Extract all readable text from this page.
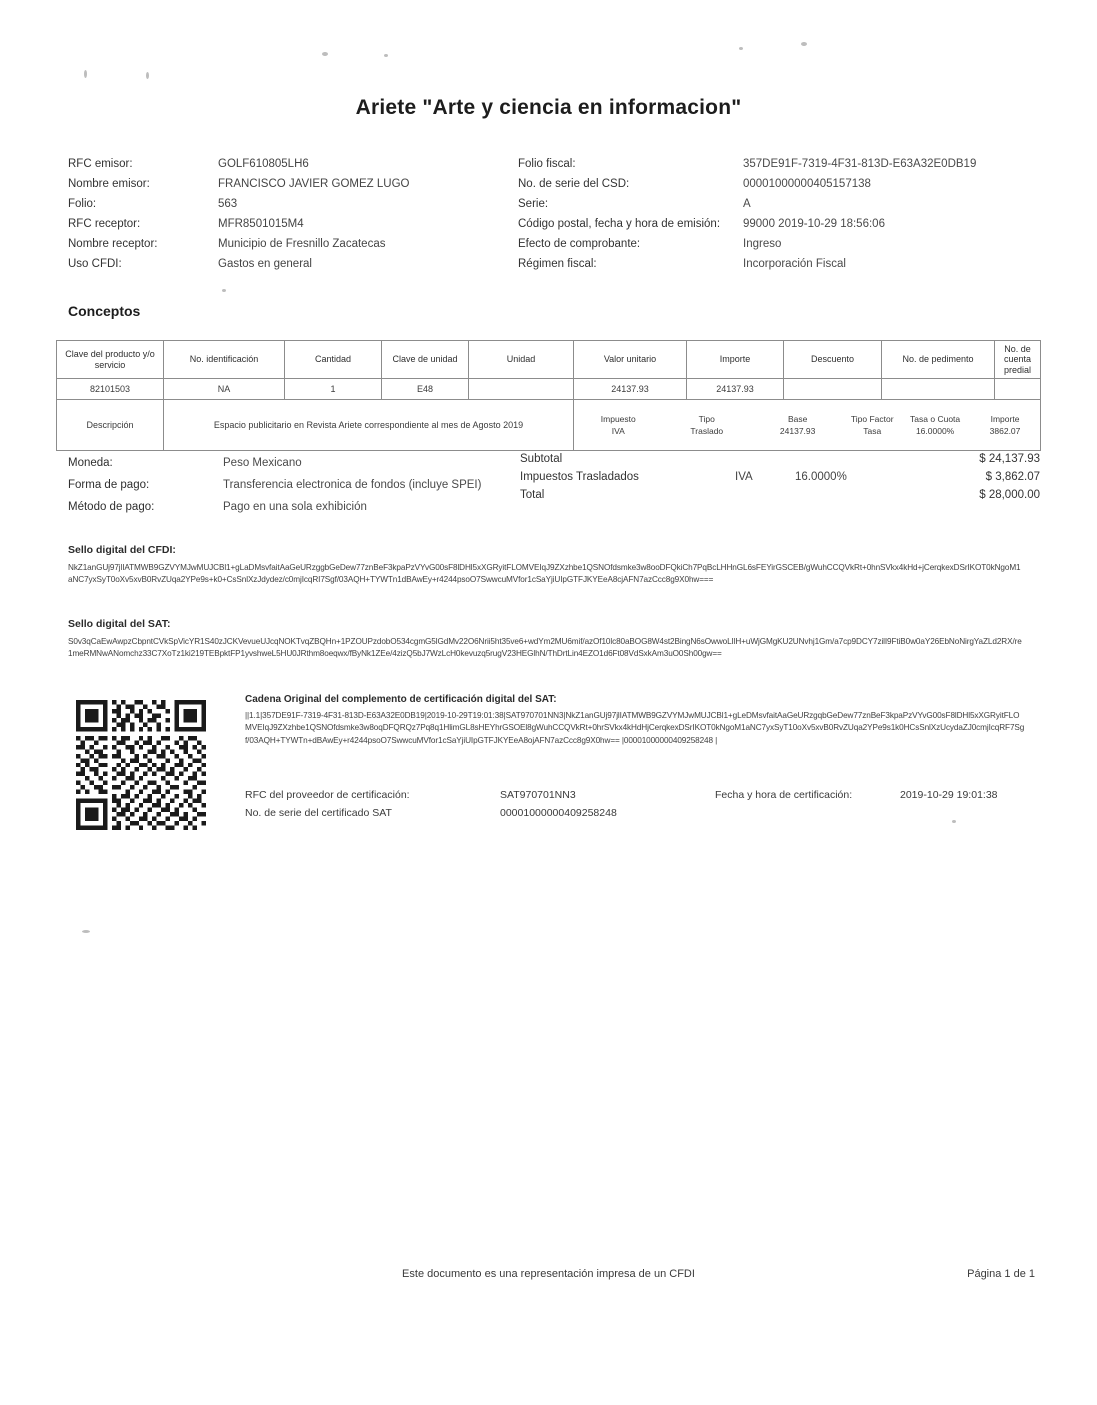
Ariete "Arte y ciencia en informacion"
RFC emisor:	GOLF610805LH6	Folio fiscal:	357DE91F-7319-4F31-813D-E63A32E0DB19
Nombre emisor:	FRANCISCO JAVIER GOMEZ LUGO	No. de serie del CSD:	00001000000405157138
Folio:	563	Serie:	A
RFC receptor:	MFR8501015M4	Código postal, fecha y hora de emisión:	99000 2019-10-29 18:56:06
Nombre receptor:	Municipio de Fresnillo Zacatecas	Efecto de comprobante:	Ingreso
Uso CFDI:	Gastos en general	Régimen fiscal:	Incorporación Fiscal
Conceptos
Clave del producto y/o servicio	No. identificación	Cantidad	Clave de unidad	Unidad	Valor unitario	Importe	Descuento	No. de pedimento	No. de cuenta predial
82101503	NA	1	E48		24137.93	24137.93			
Descripción	Espacio publicitario en Revista Ariete correspondiente al mes de Agosto 2019	
Impuesto	Tipo	Base	Tipo Factor	Tasa o Cuota	Importe
IVA	Traslado	24137.93	Tasa	16.0000%	3862.07
Moneda:	Peso Mexicano
Forma de pago:	Transferencia electronica de fondos (incluye SPEI)
Método de pago:	Pago en una sola exhibición
Subtotal			$ 24,137.93
Impuestos Trasladados	IVA	16.0000%	$ 3,862.07
Total			$ 28,000.00
Sello digital del CFDI:
NkZ1anGUj97jlIATMWB9GZVYMJwMUJCBl1+gLaDMsvfaitAaGeURzggbGeDew77znBeF3kpaPzVYvG00sF8lDHl5xXGRyitFLOMVEIqJ9ZXzhbe1QSNOfdsmke3w8ooDFQkiCh7PqBcLHHnGL6sFEYirGSCEB/gWuhCCQVkRt+0hnSVkx4kHd+jCerqkexDSrIKOT0kNgoM1aNC7yxSyT0oXv5xvB0RvZUqa2YPe9s+k0+CsSnlXzJdydez/c0mjIcqRI7Sgf/03AQH+TYWTn1dBAwEy+r4244psoO7SwwcuMVfor1cSaYjiUIpGTFJKYEeA8cjAFN7azCcc8g9X0hw===
Sello digital del SAT:
S0v3qCaEwAwpzCbpntCVkSpVicYR1S40zJCKVevueUJcqNOKTvqZBQHn+1PZOUPzdobO534cgmG5lGdMv22O6Nrii5ht35ve6+wdYm2MU6mif/azOf10lc80aBOG8W4st2BingN6sOwwoLIlH+uWjGMgKU2UNvhj1Gm/a7cp9DCY7zilI9FtiB0w0aY26EbNoNirgYaZLd2RX/re1meRMNwANomchz33C7XoTz1ki219TEBpktFP1yvshweL5HU0JRthm8oeqwx/fByNk1ZEe/4zizQ5bJ7WzLcH0kevuzq5rugV23HEGlhN/ThDrtLin4EZO1d6Ft08VdSxkAm3uO0Sh00gw==
Cadena Original del complemento de certificación digital del SAT:
||1.1|357DE91F-7319-4F31-813D-E63A32E0DB19|2019-10-29T19:01:38|SAT970701NN3|NkZ1anGUj97jlIATMWB9GZVYMJwMUJCBl1+gLeDMsvfaitAaGeURzgqbGeDew77znBeF3kpaPzVYvG00sF8lDHl5xXGRyitFLOMVEIqJ9ZXzhbe1QSNOfdsmke3w8oqDFQRQz7Pq8q1HlimGL8sHEYhrGSOEl8gWuhCCQVkRt+0hrSVkx4kHdHjCerqkexDSrIKOT0kNgoM1aNC7yxSyT10oXv5xvB0RvZUqa2YPe9s1k0HCsSnlXzUcydaZJ0cmjIcqRF7Sgf/03AQH+TYWTn+dBAwEy+r4244psoO7SwwcuMVfor1cSaYjiUIpGTFJKYEeA8ojAFN7azCcc8g9X0hw== |00001000000409258248 |
RFC del proveedor de certificación:	SAT970701NN3	Fecha y hora de certificación:	2019-10-29 19:01:38
No. de serie del certificado SAT	00001000000409258248		
Este documento es una representación impresa de un CFDI	Página 1 de 1
